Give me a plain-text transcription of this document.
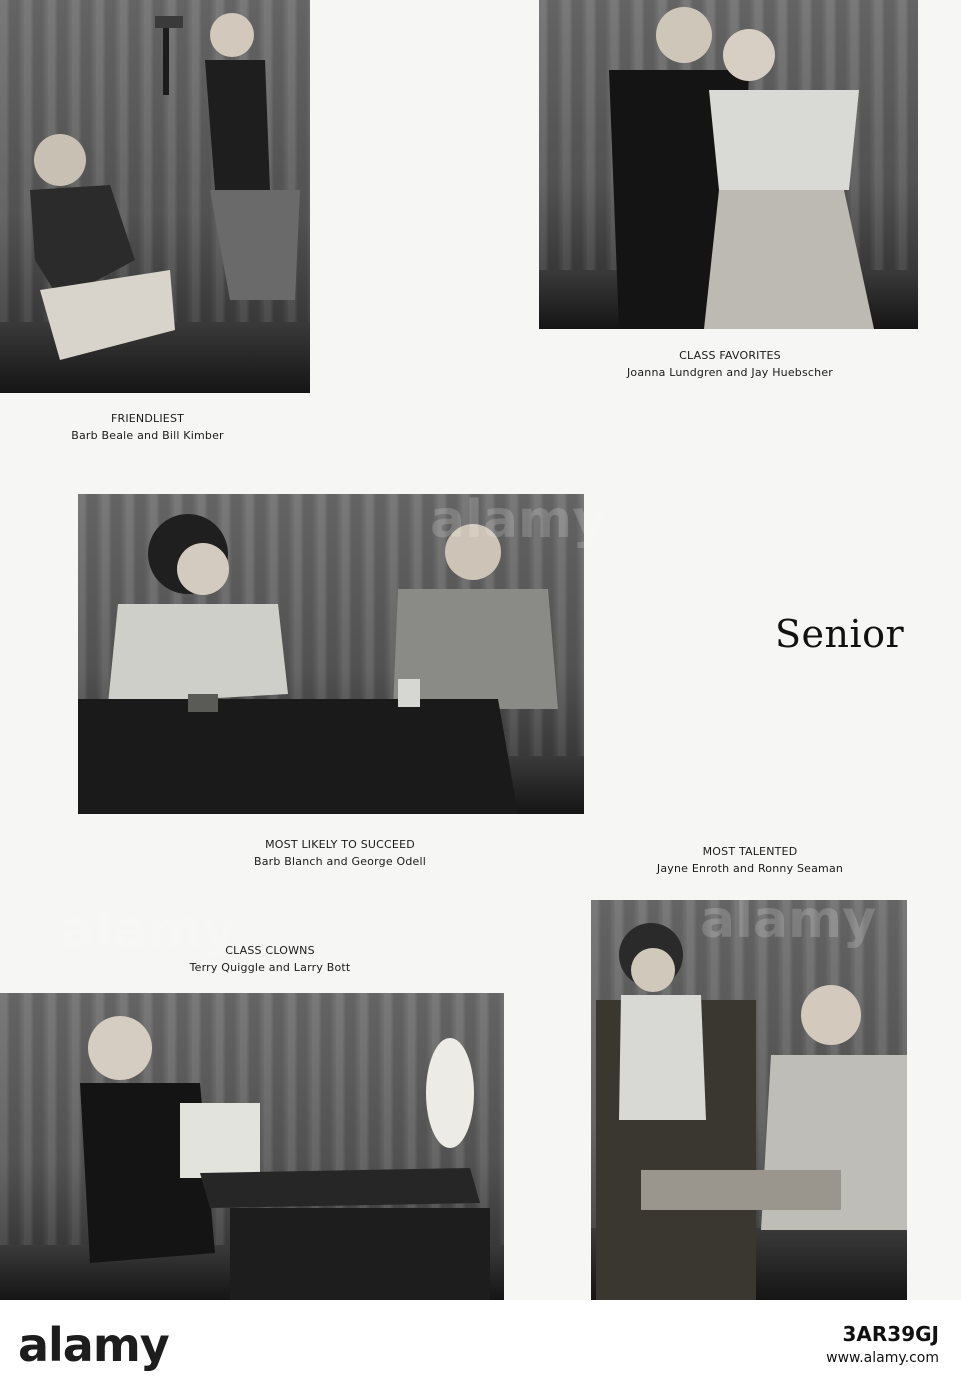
alamy
FRIENDLIEST
Barb Beale and Bill Kimber
CLASS FAVORITES
Joanna Lundgren and Jay Huebscher
MOST LIKELY TO SUCCEED
Barb Blanch and George Odell
MOST TALENTED
Jayne Enroth and Ronny Seaman
CLASS CLOWNS
Terry Quiggle and Larry Bott
Senior
alamy	3AR39GJ
www.alamy.com
